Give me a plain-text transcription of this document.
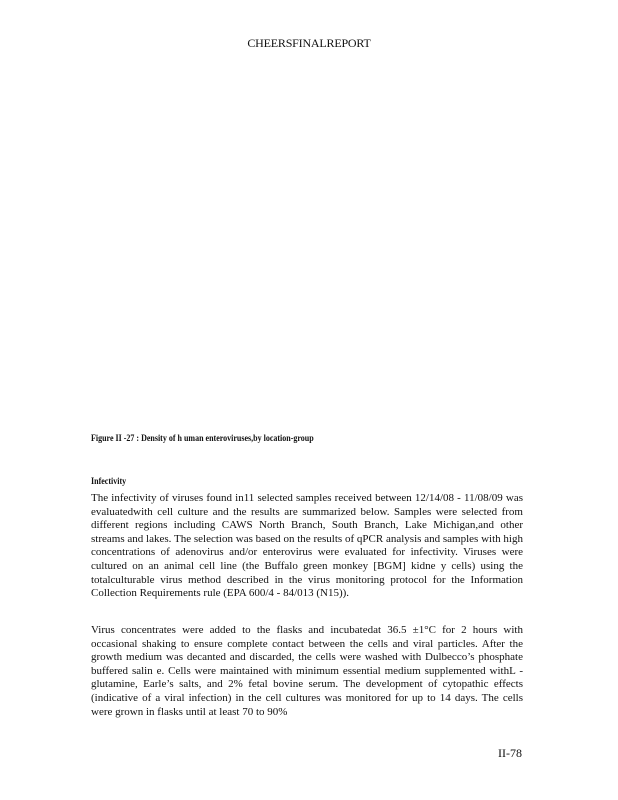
CHEERSFINALREPORT
Figure II -27 : Density of h uman enteroviruses,by location-group
Infectivity

The infectivity of viruses found in11 selected samples received between 12/14/08 - 11/08/09 was evaluatedwith cell culture and the results are summarized below. Samples were selected from different regions including CAWS North Branch, South Branch, Lake Michigan,and other streams and lakes. The selection was based on the results of qPCR analysis and samples with high concentrations of adenovirus and/or enterovirus were evaluated for infectivity. Viruses were cultured on an animal cell line (the Buffalo green monkey [BGM] kidne y cells) using the totalculturable virus method described in the virus monitoring protocol for the Information Collection Requirements rule (EPA 600/4 - 84/013 (N15)).

Virus concentrates were added to the flasks and incubatedat 36.5 ±1°C for 2 hours with occasional shaking to ensure complete contact between the cells and viral particles. After the growth medium was decanted and discarded, the cells were washed with Dulbecco’s phosphate buffered salin e. Cells were maintained with minimum essential medium supplemented withL -glutamine, Earle’s salts, and 2% fetal bovine serum. The development of cytopathic effects (indicative of a viral infection) in the cell cultures was monitored for up to 14 days. The cells were grown in flasks until at least 70 to 90%

II-78
